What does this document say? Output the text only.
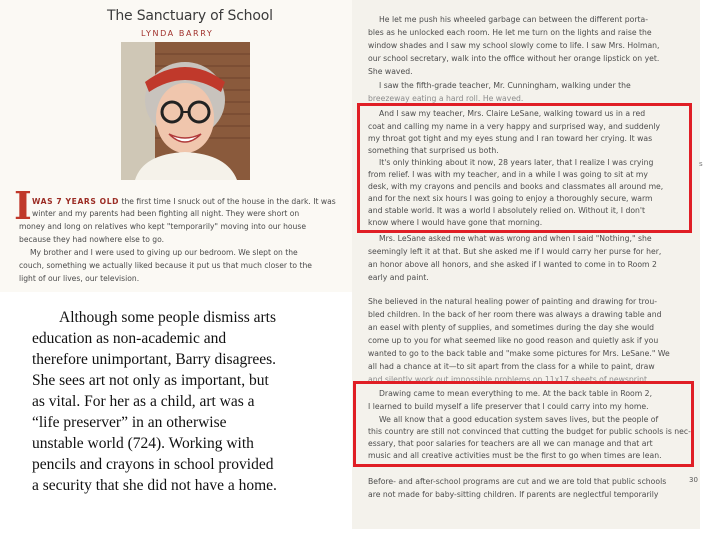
The Sanctuary of School
LYNDA BARRY
I WAS 7 YEARS OLD the first time I snuck out of the house in the dark. It was
winter and my parents had been fighting all night. They were short on
money and long on relatives who kept "temporarily" moving into our house
because they had nowhere else to go.
My brother and I were used to giving up our bedroom. We slept on the
couch, something we actually liked because it put us that much closer to the
light of our lives, our television.

Although some people dismiss arts
education as non-academic and
therefore unimportant, Barry disagrees.
She sees art not only as important, but
as vital. For her as a child, art was a
“life preserver” in an otherwise
unstable world (724). Working with
pencils and crayons in school provided
a security that she did not have a home.

He let me push his wheeled garbage can between the different porta-
bles as he unlocked each room. He let me turn on the lights and raise the
window shades and I saw my school slowly come to life. I saw Mrs. Holman,
our school secretary, walk into the office without her orange lipstick on yet.
She waved.
I saw the fifth-grade teacher, Mr. Cunningham, walking under the
breezeway eating a hard roll. He waved.
And I saw my teacher, Mrs. Claire LeSane, walking toward us in a red
coat and calling my name in a very happy and surprised way, and suddenly
my throat got tight and my eyes stung and I ran toward her crying. It was
something that surprised us both.
It's only thinking about it now, 28 years later, that I realize I was crying
from relief. I was with my teacher, and in a while I was going to sit at my
desk, with my crayons and pencils and books and classmates all around me,
and for the next six hours I was going to enjoy a thoroughly secure, warm
and stable world. It was a world I absolutely relied on. Without it, I don't
know where I would have gone that morning.
Mrs. LeSane asked me what was wrong and when I said "Nothing," she
seemingly left it at that. But she asked me if I would carry her purse for her,
an honor above all honors, and she asked if I wanted to come in to Room 2
early and paint.
She believed in the natural healing power of painting and drawing for trou-
bled children. In the back of her room there was always a drawing table and
an easel with plenty of supplies, and sometimes during the day she would
come up to you for what seemed like no good reason and quietly ask if you
wanted to go to the back table and "make some pictures for Mrs. LeSane." We
all had a chance at it—to sit apart from the class for a while to paint, draw
and silently work out impossible problems on 11x17 sheets of newsprint.
Drawing came to mean everything to me. At the back table in Room 2,
I learned to build myself a life preserver that I could carry into my home.
We all know that a good education system saves lives, but the people of
this country are still not convinced that cutting the budget for public schools is nec-
essary, that poor salaries for teachers are all we can manage and that art
music and all creative activities must be the first to go when times are lean.
Before- and after-school programs are cut and we are told that public schools
are not made for baby-sitting children. If parents are neglectful temporarily
s
30
